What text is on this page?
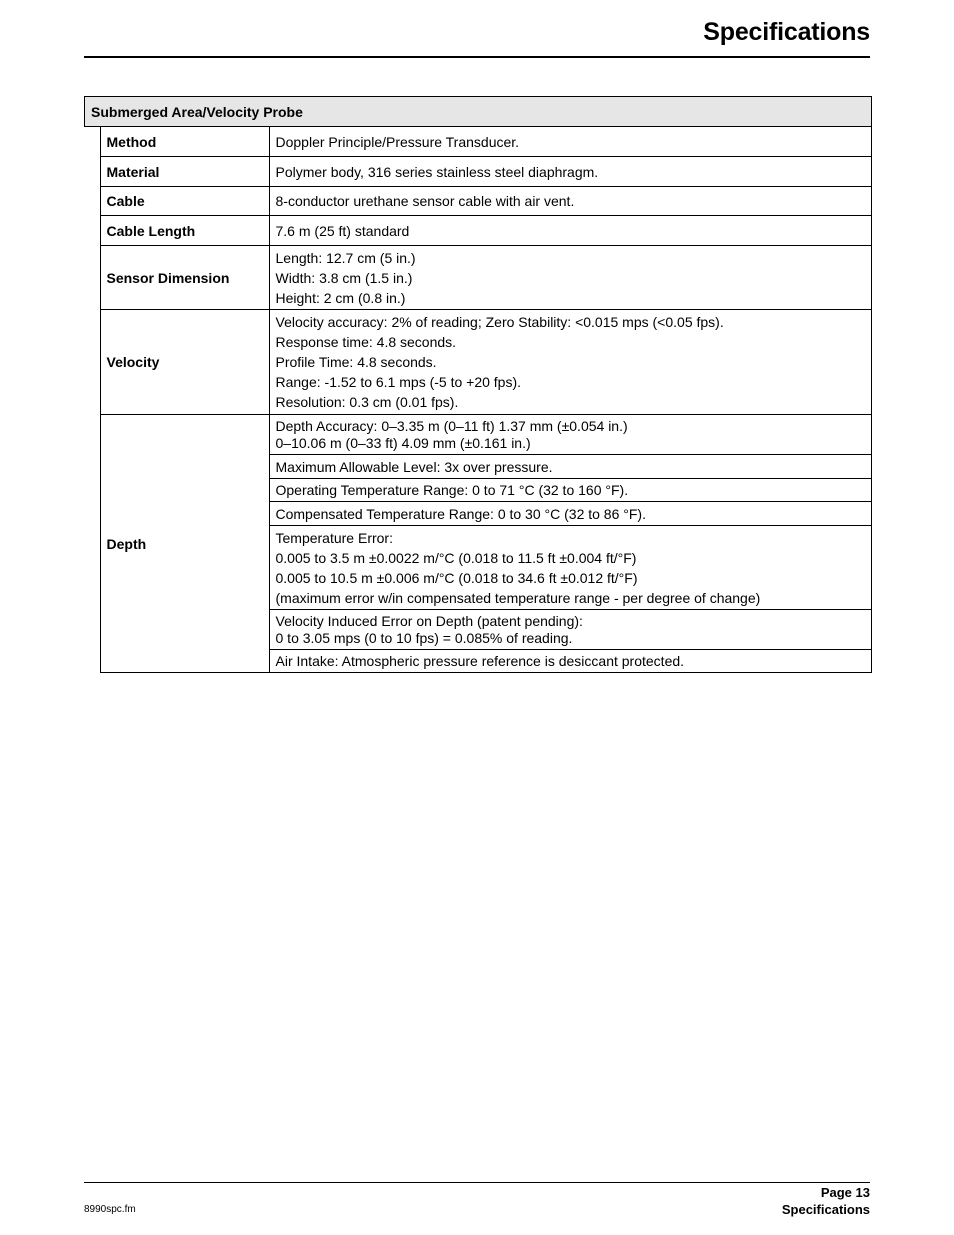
Specifications
Submerged Area/Velocity Probe		
	Method	Doppler Principle/Pressure Transducer.
	Material	Polymer body, 316 series stainless steel diaphragm.
	Cable	8-conductor urethane sensor cable with air vent.
	Cable Length	7.6 m (25 ft) standard
	Sensor Dimension	Length: 12.7 cm (5 in.)
Width: 3.8 cm (1.5 in.)
Height: 2 cm (0.8 in.)

	Velocity	Velocity accuracy: 2% of reading; Zero Stability: <0.015 mps (<0.05 fps).
Response time: 4.8 seconds.
Profile Time: 4.8 seconds.
Range: -1.52 to 6.1 mps (-5 to +20 fps).
Resolution: 0.3 cm (0.01 fps).

	Depth	Depth Accuracy: 0–3.35 m (0–11 ft) 1.37 mm (±0.054 in.)
0–10.06 m (0–33 ft) 4.09 mm (±0.161 in.)

		Maximum Allowable Level: 3x over pressure.
		Operating Temperature Range: 0 to 71 °C (32 to 160 °F).
		Compensated Temperature Range: 0 to 30 °C (32 to 86 °F).

		Temperature Error:
0.005 to 3.5 m ±0.0022 m/°C (0.018 to 11.5 ft ±0.004 ft/°F)
0.005 to 10.5 m ±0.006 m/°C (0.018 to 34.6 ft ±0.012 ft/°F)
(maximum error w/in compensated temperature range - per degree of change)

		Velocity Induced Error on Depth (patent pending):
0 to 3.05 mps (0 to 10 fps) = 0.085% of reading.

		Air Intake: Atmospheric pressure reference is desiccant protected.
Page 13
Specifications
8990spc.fm
